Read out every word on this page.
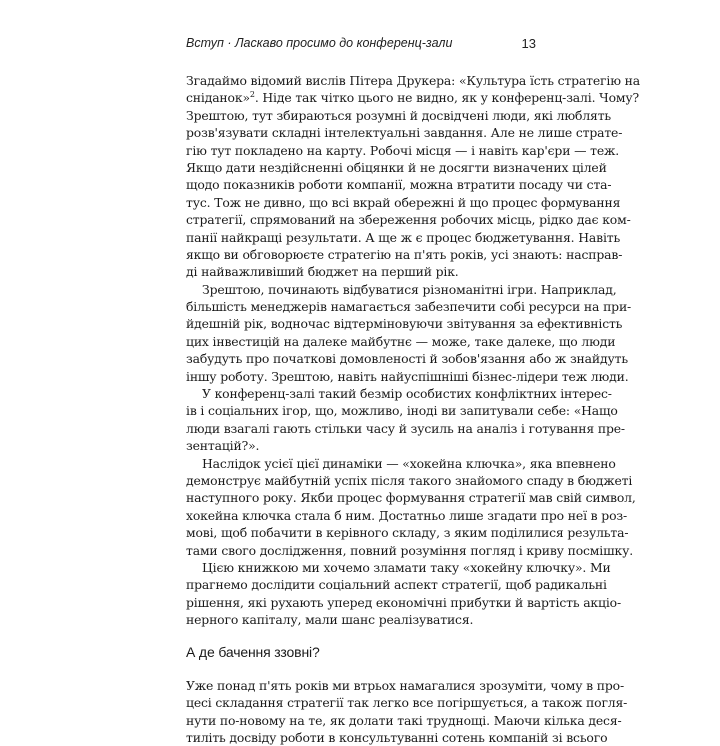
Вступ · Ласкаво просимо до конференц-зали	13
Згадаймо відомий вислів Пітера Друкера: «Культура їсть стратегію на
сніданок»$^2$. Ніде так чітко цього не видно, як у конференц-залі. Чому?
Зрештою, тут збираються розумні й досвідчені люди, які люблять
розв'язувати складні інтелектуальні завдання. Але не лише страте-
гію тут покладено на карту. Робочі місця — і навіть кар'єри — теж.
Якщо дати нездійсненні обіцянки й не досягти визначених цілей
щодо показників роботи компанії, можна втратити посаду чи ста-
тус. Тож не дивно, що всі вкрай обережні й що процес формування
стратегії, спрямований на збереження робочих місць, рідко дає ком-
панії найкращі результати. А ще ж є процес бюджетування. Навіть
якщо ви обговорюєте стратегію на п'ять років, усі знають: насправ-
ді найважливіший бюджет на перший рік.
Зрештою, починають відбуватися різноманітні ігри. Наприклад,
більшість менеджерів намагається забезпечити собі ресурси на при-
йдешній рік, водночас відтерміновуючи звітування за ефективність
цих інвестицій на далеке майбутнє — може, таке далеке, що люди
забудуть про початкові домовленості й зобов'язання або ж знайдуть
іншу роботу. Зрештою, навіть найуспішніші бізнес-лідери теж люди.
У конференц-залі такий безмір особистих конфліктних інтерес-
ів і соціальних ігор, що, можливо, іноді ви запитували себе: «Нащо
люди взагалі гають стільки часу й зусиль на аналіз і готування пре-
зентацій?».
Наслідок усієї цієї динаміки — «хокейна ключка», яка впевнено
демонструє майбутній успіх після такого знайомого спаду в бюджеті
наступного року. Якби процес формування стратегії мав свій символ,
хокейна ключка стала б ним. Достатньо лише згадати про неї в роз-
мові, щоб побачити в керівного складу, з яким поділилися результа-
тами свого дослідження, повний розуміння погляд і криву посмішку.
Цією книжкою ми хочемо зламати таку «хокейну ключку». Ми
прагнемо дослідити соціальний аспект стратегії, щоб радикальні
рішення, які рухають уперед економічні прибутки й вартість акціо-
нерного капіталу, мали шанс реалізуватися.
А де бачення ззовні?
Уже понад п'ять років ми втрьох намагалися зрозуміти, чому в про-
цесі складання стратегії так легко все погіршується, а також погля-
нути по-новому на те, як долати такі труднощі. Маючи кілька деся-
тиліть досвіду роботи в консультуванні сотень компаній зі всього
